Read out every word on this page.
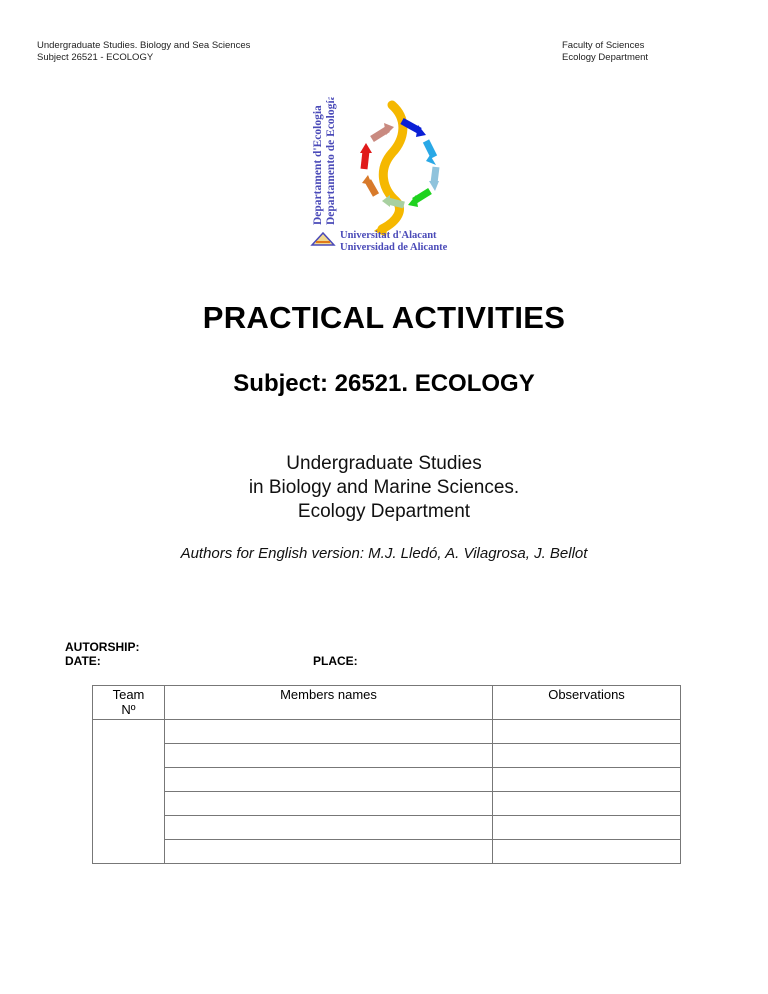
Undergraduate Studies. Biology and Sea Sciences
Subject 26521 - ECOLOGY
Faculty of Sciences
Ecology Department
Departament d'Ecologia Departamento de Ecología
Universitat d'Alacant
Universidad de Alicante
PRACTICAL ACTIVITIES
Subject: 26521. ECOLOGY
Undergraduate Studies
in Biology and Marine Sciences.
Ecology Department
Authors for English version: M.J. Lledó, A. Vilagrosa, J. Bellot
AUTORSHIP:
DATE:	PLACE:
Team
Nº	Members names	Observations
